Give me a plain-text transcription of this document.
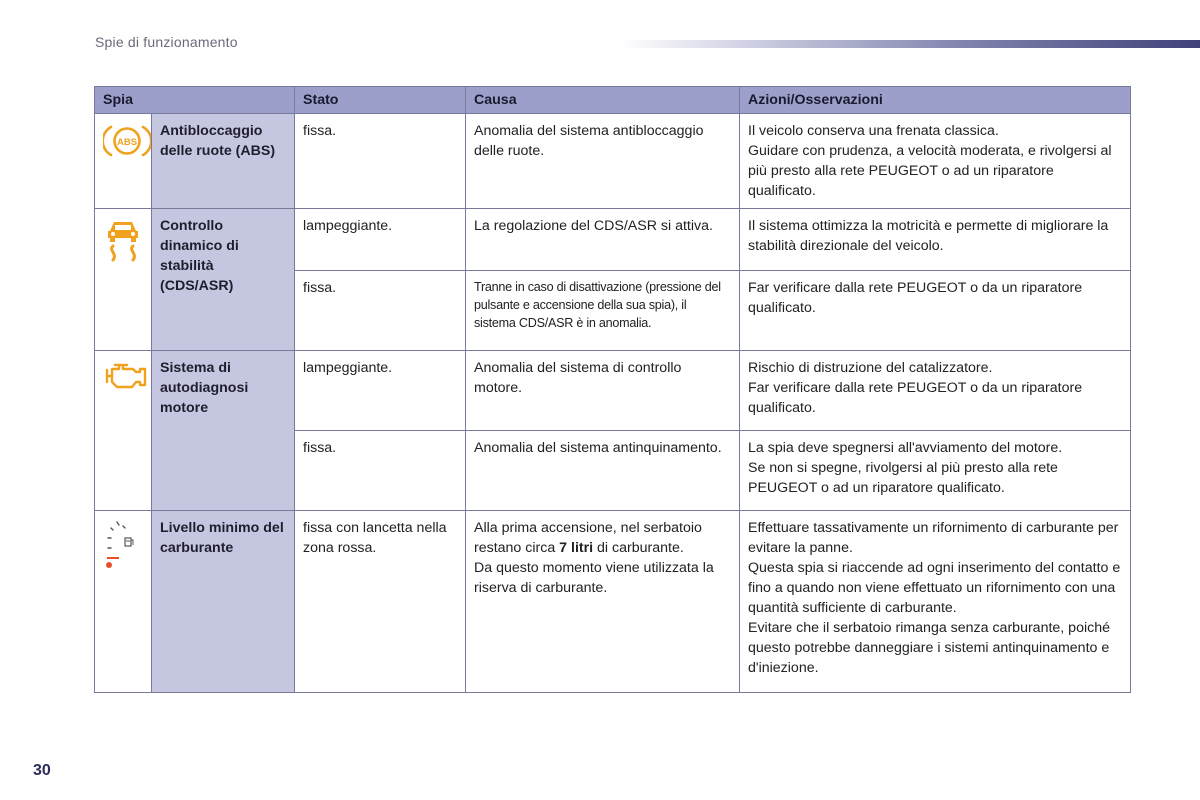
Spie di funzionamento
Spia		Stato	Causa	Azioni/Osservazioni

ABS	Antibloccaggio delle ruote (ABS)	fissa.	Anomalia del sistema antibloccaggio delle ruote.	Il veicolo conserva una frenata classica.
Guidare con prudenza, a velocità moderata, e rivolgersi al più presto alla rete PEUGEOT o ad un riparatore qualificato.

	Controllo dinamico di stabilità (CDS/ASR)	lampeggiante.	La regolazione del CDS/ASR si attiva.	Il sistema ottimizza la motricità e permette di migliorare la stabilità direzionale del veicolo.

		fissa.	Tranne in caso di disattivazione (pressione del pulsante e accensione della sua spia), il sistema CDS/ASR è in anomalia.	Far verificare dalla rete PEUGEOT o da un riparatore qualificato.

	Sistema di autodiagnosi motore	lampeggiante.	Anomalia del sistema di controllo motore.	Rischio di distruzione del catalizzatore.
Far verificare dalla rete PEUGEOT o da un riparatore qualificato.

		fissa.	Anomalia del sistema antinquinamento.	La spia deve spegnersi all'avviamento del motore.
Se non si spegne, rivolgersi al più presto alla rete PEUGEOT o ad un riparatore qualificato.

	Livello minimo del carburante	fissa con lancetta nella zona rossa.	Alla prima accensione, nel serbatoio restano circa 7 litri di carburante.
Da questo momento viene utilizzata la riserva di carburante.	Effettuare tassativamente un rifornimento di carburante per evitare la panne.
Questa spia si riaccende ad ogni inserimento del contatto e fino a quando non viene effettuato un rifornimento con una quantità sufficiente di carburante.
Evitare che il serbatoio rimanga senza carburante, poiché questo potrebbe danneggiare i sistemi antinquinamento e d'iniezione.
30
